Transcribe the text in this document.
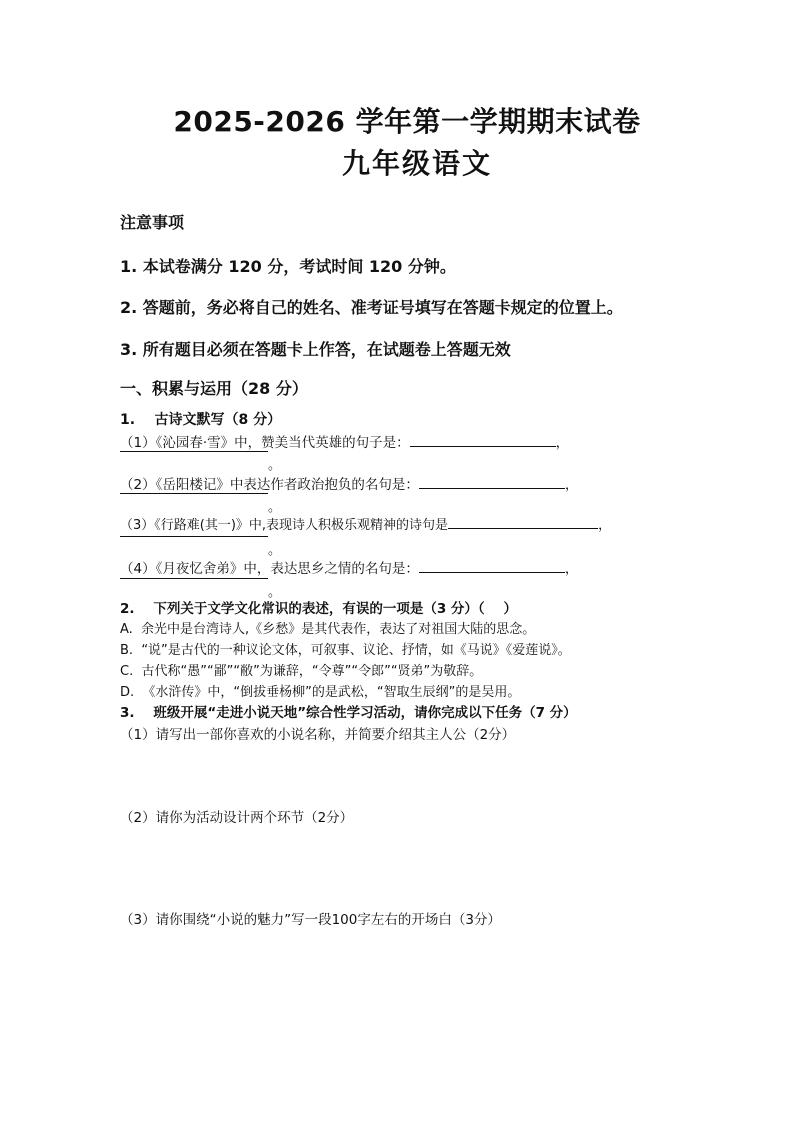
2025-2026 学年第一学期期末试卷
九年级语文
注意事项
1. 本试卷满分 120 分，考试时间 120 分钟。
2. 答题前，务必将自己的姓名、准考证号填写在答题卡规定的位置上。
3. 所有题目必须在答题卡上作答，在试题卷上答题无效
一、积累与运用（28 分）
1.    古诗文默写（8 分）
（1）《沁园春·雪》中，赞美当代英雄的句子是：	，
。
（2）《岳阳楼记》中表达作者政治抱负的名句是：	，
。
（3）《行路难(其一)》中,表现诗人积极乐观精神的诗句是	，
。
（4）《月夜忆舍弟》中，表达思乡之情的名句是：	，
。
2.    下列关于文学文化常识的表述，有误的一项是（3 分）（    ）
A.  余光中是台湾诗人,《乡愁》是其代表作，表达了对祖国大陆的思念。
B.  “说”是古代的一种议论文体，可叙事、议论、抒情，如《马说》《爱莲说》。
C.  古代称“愚”“鄙”“敝”为谦辞，“令尊”“令郎”“贤弟”为敬辞。
D.  《水浒传》中，“倒拔垂杨柳”的是武松，“智取生辰纲”的是吴用。
3.    班级开展“走进小说天地”综合性学习活动，请你完成以下任务（7 分）
（1）请写出一部你喜欢的小说名称，并简要介绍其主人公（2分）
（2）请你为活动设计两个环节（2分）
（3）请你围绕“小说的魅力”写一段100字左右的开场白（3分）
